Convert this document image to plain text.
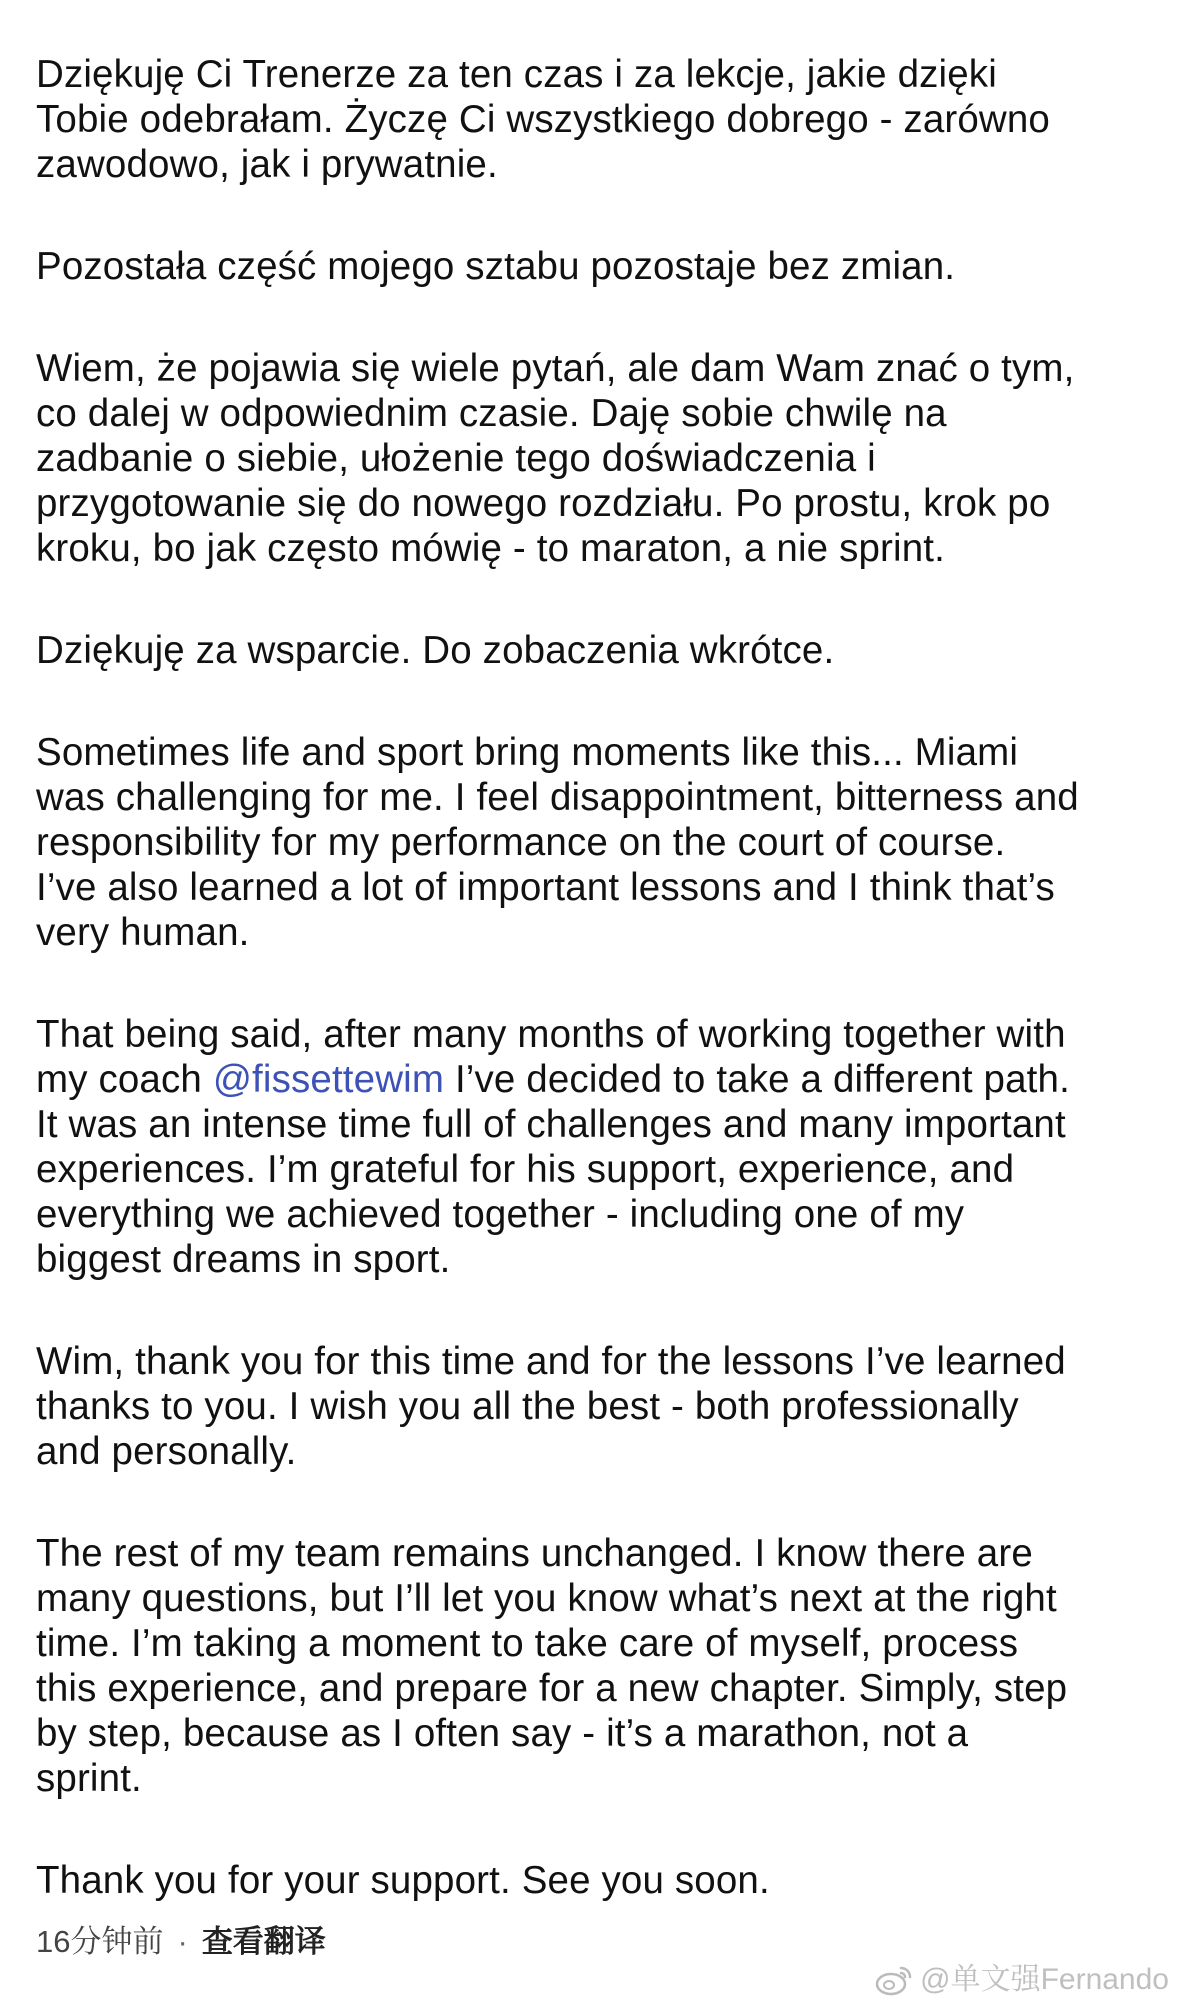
Dziękuję Ci Trenerze za ten czas i za lekcje, jakie dzięki
Tobie odebrałam. Życzę Ci wszystkiego dobrego - zarówno
zawodowo, jak i prywatnie.

Pozostała część mojego sztabu pozostaje bez zmian.

Wiem, że pojawia się wiele pytań, ale dam Wam znać o tym,
co dalej w odpowiednim czasie. Daję sobie chwilę na
zadbanie o siebie, ułożenie tego doświadczenia i
przygotowanie się do nowego rozdziału. Po prostu, krok po
kroku, bo jak często mówię - to maraton, a nie sprint.

Dziękuję za wsparcie. Do zobaczenia wkrótce.

Sometimes life and sport bring moments like this... Miami
was challenging for me. I feel disappointment, bitterness and
responsibility for my performance on the court of course.
I’ve also learned a lot of important lessons and I think that’s
very human.

That being said, after many months of working together with
my coach @fissettewim I’ve decided to take a different path.
It was an intense time full of challenges and many important
experiences. I’m grateful for his support, experience, and
everything we achieved together - including one of my
biggest dreams in sport.

Wim, thank you for this time and for the lessons I’ve learned
thanks to you. I wish you all the best - both professionally
and personally.

The rest of my team remains unchanged. I know there are
many questions, but I’ll let you know what’s next at the right
time. I’m taking a moment to take care of myself, process
this experience, and prepare for a new chapter. Simply, step
by step, because as I often say - it’s a marathon, not a
sprint.

Thank you for your support. See you soon.

16分钟前 · 查看翻译
@单文强Fernando
